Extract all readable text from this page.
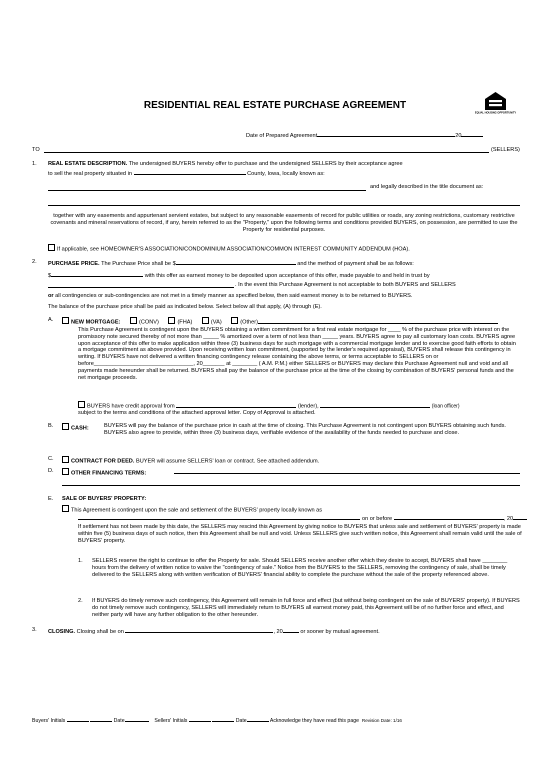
RESIDENTIAL REAL ESTATE PURCHASE AGREEMENT
EQUAL HOUSING OPPORTUNITY
Date of Prepared Agreement	20
TO	(SELLERS)
1. REAL ESTATE DESCRIPTION. The undersigned BUYERS hereby offer to purchase and the undersigned SELLERS by their acceptance agree
to sell the real property situated in	County, Iowa, locally known as:
and legally described in the title document as:
together with any easements and appurtenant servient estates, but subject to any reasonable easements of record for public utilities or roads, any zoning restrictions, customary restrictive covenants and mineral reservations of record, if any, herein referred to as the "Property," upon the following terms and conditions provided BUYERS, on possession, are permitted to use the Property for residential purposes.
If applicable, see HOMEOWNER'S ASSOCIATION/CONDOMINIUM ASSOCIATION/COMMON INTEREST COMMUNITY ADDENDUM (HOA).
2. PURCHASE PRICE. The Purchase Price shall be $	and the method of payment shall be as follows:
$	with this offer as earnest money to be deposited upon acceptance of this offer, made payable to and held in trust by
. In the event this Purchase Agreement is not acceptable to both BUYERS and SELLERS
or all contingencies or sub-contingencies are not met in a timely manner as specified below, then said earnest money is to be returned to BUYERS.
The balance of the purchase price shall be paid as indicated below. Select below all that apply, (A) through (E).
A.	NEW MORTGAGE:	(CONV)	(FHA)	(VA)	(Other)
This Purchase Agreement is contingent upon the BUYERS obtaining a written commitment for a first real estate mortgage for ____ % of the purchase price with interest on the promissory note secured thereby of not more than _____ % amortized over a term of not less than _____ years. BUYERS agree to pay all customary loan costs. BUYERS agree upon acceptance of this offer to make application within three (3) business days for such mortgage with a commercial mortgage lender and to exercise good faith efforts to obtain a mortgage commitment as above provided. Upon receiving written loan commitment, (supported by the lender's required appraisal), BUYERS shall release this contingency in writing. If BUYERS have not delivered a written financing contingency release containing the above terms, or terms acceptable to SELLERS on or before________________________________, 20_______ at ________ ( A.M. P.M.) either SELLERS or BUYERS may declare this Purchase Agreement null and void and all payments made hereunder shall be returned. BUYERS shall pay the balance of the purchase price at the time of the closing by combination of BUYERS' personal funds and the net mortgage proceeds.
BUYERS have credit approval from	(lender),	(loan officer)
subject to the terms and conditions of the attached approval letter. Copy of Approval is attached.
B.	CASH:	BUYERS will pay the balance of the purchase price in cash at the time of closing. This Purchase Agreement is not contingent upon BUYERS obtaining such funds. BUYERS also agree to provide, within three (3) business days, verifiable evidence of the availability of the funds needed to purchase and close.
C.	CONTRACT FOR DEED. BUYER will assume SELLERS' loan or contract. See attached addendum.
D.	OTHER FINANCING TERMS:
E. SALE OF BUYERS' PROPERTY:
This Agreement is contingent upon the sale and settlement of the BUYERS' property locally known as
on or before	, 20
If settlement has not been made by this date, the SELLERS may rescind this Agreement by giving notice to BUYERS that unless sale and settlement of BUYERS' property is made within five (5) business days of such notice, then this Agreement shall be null and void. Unless SELLERS give such written notice, this Agreement shall remain valid until the sale of BUYERS' property.
1. SELLERS reserve the right to continue to offer the Property for sale. Should SELLERS receive another offer which they desire to accept, BUYERS shall have ________ hours from the delivery of written notice to waive the "contingency of sale." Notice from the BUYERS to the SELLERS, removing the contingency of sale, shall be timely delivered to the SELLERS along with written verification of BUYERS' financial ability to complete the purchase without the sale of the property referenced above.
2. If BUYERS do timely remove such contingency, this Agreement will remain in full force and effect (but without being contingent on the sale of BUYERS' property). If BUYERS do not timely remove such contingency, SELLERS will immediately return to BUYERS all earnest money paid, this Agreement will be of no further force and effect, and neither party will have any further obligation to the other hereunder.
3. CLOSING. Closing shall be on	, 20	or sooner by mutual agreement.
Buyers' Initials	Date	Sellers' Initials	Date	Acknowledge they have read this page Revision Date: 1/16
